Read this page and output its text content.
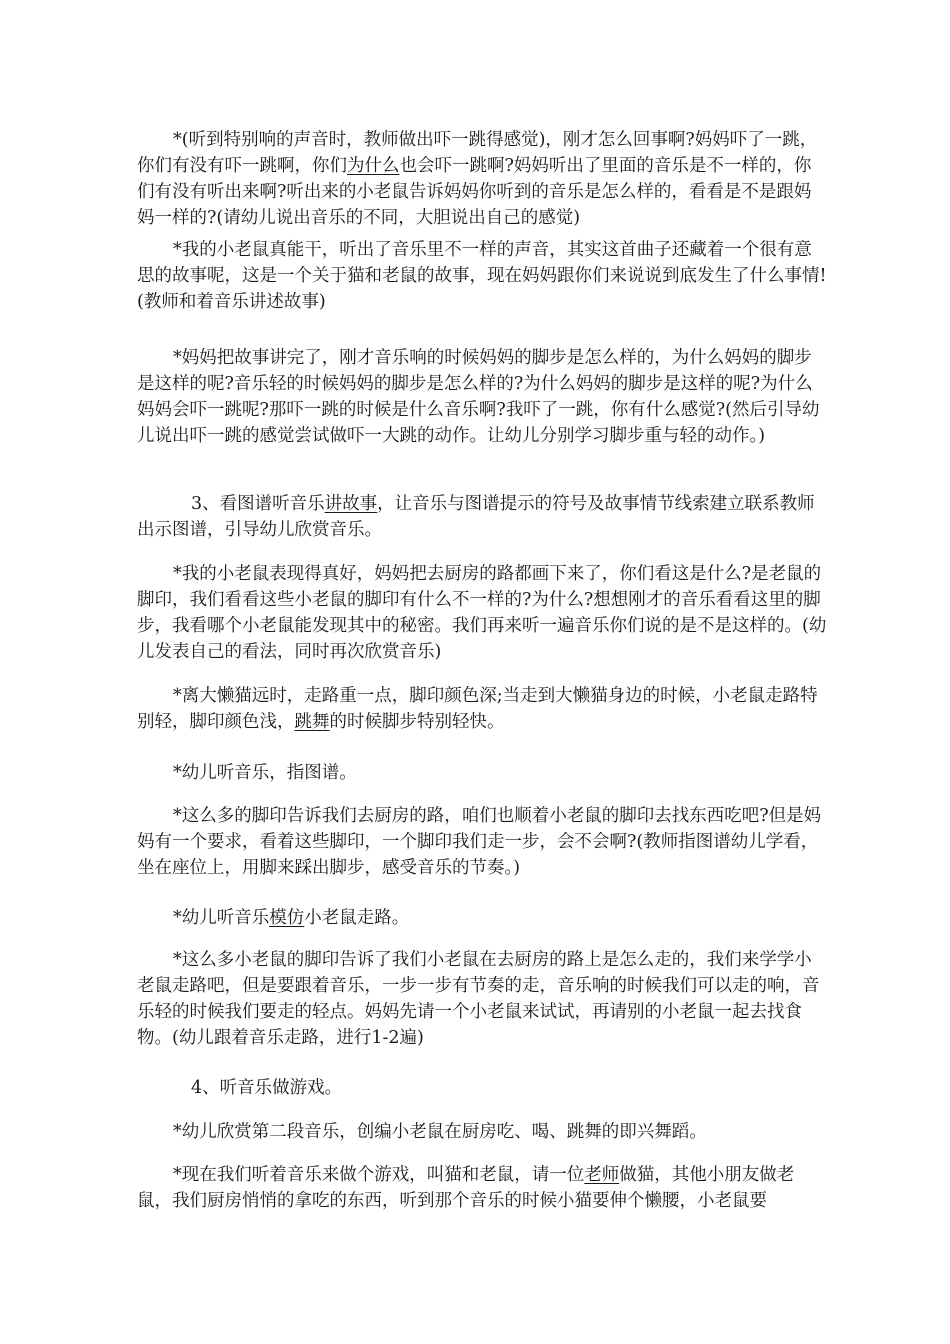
*(听到特别响的声音时，教师做出吓一跳得感觉)，刚才怎么回事啊?妈妈吓了一跳，你们有没有吓一跳啊，你们为什么也会吓一跳啊?妈妈听出了里面的音乐是不一样的，你们有没有听出来啊?听出来的小老鼠告诉妈妈你听到的音乐是怎么样的，看看是不是跟妈妈一样的?(请幼儿说出音乐的不同，大胆说出自己的感觉)

*我的小老鼠真能干，听出了音乐里不一样的声音，其实这首曲子还藏着一个很有意思的故事呢，这是一个关于猫和老鼠的故事，现在妈妈跟你们来说说到底发生了什么事情!(教师和着音乐讲述故事)

*妈妈把故事讲完了，刚才音乐响的时候妈妈的脚步是怎么样的，为什么妈妈的脚步是这样的呢?音乐轻的时候妈妈的脚步是怎么样的?为什么妈妈的脚步是这样的呢?为什么妈妈会吓一跳呢?那吓一跳的时候是什么音乐啊?我吓了一跳，你有什么感觉?(然后引导幼儿说出吓一跳的感觉尝试做吓一大跳的动作。让幼儿分别学习脚步重与轻的动作。)

3、看图谱听音乐讲故事，让音乐与图谱提示的符号及故事情节线索建立联系教师出示图谱，引导幼儿欣赏音乐。

*我的小老鼠表现得真好，妈妈把去厨房的路都画下来了，你们看这是什么?是老鼠的脚印，我们看看这些小老鼠的脚印有什么不一样的?为什么?想想刚才的音乐看看这里的脚步，我看哪个小老鼠能发现其中的秘密。我们再来听一遍音乐你们说的是不是这样的。(幼儿发表自己的看法，同时再次欣赏音乐)

*离大懒猫远时，走路重一点，脚印颜色深;当走到大懒猫身边的时候，小老鼠走路特别轻，脚印颜色浅，跳舞的时候脚步特别轻快。

*幼儿听音乐，指图谱。

*这么多的脚印告诉我们去厨房的路，咱们也顺着小老鼠的脚印去找东西吃吧?但是妈妈有一个要求，看着这些脚印，一个脚印我们走一步，会不会啊?(教师指图谱幼儿学看，坐在座位上，用脚来踩出脚步，感受音乐的节奏。)

*幼儿听音乐模仿小老鼠走路。

*这么多小老鼠的脚印告诉了我们小老鼠在去厨房的路上是怎么走的，我们来学学小老鼠走路吧，但是要跟着音乐，一步一步有节奏的走，音乐响的时候我们可以走的响，音乐轻的时候我们要走的轻点。妈妈先请一个小老鼠来试试，再请别的小老鼠一起去找食物。(幼儿跟着音乐走路，进行1-2遍)

4、听音乐做游戏。

*幼儿欣赏第二段音乐，创编小老鼠在厨房吃、喝、跳舞的即兴舞蹈。

*现在我们听着音乐来做个游戏，叫猫和老鼠，请一位老师做猫，其他小朋友做老鼠，我们厨房悄悄的拿吃的东西，听到那个音乐的时候小猫要伸个懒腰，小老鼠要
